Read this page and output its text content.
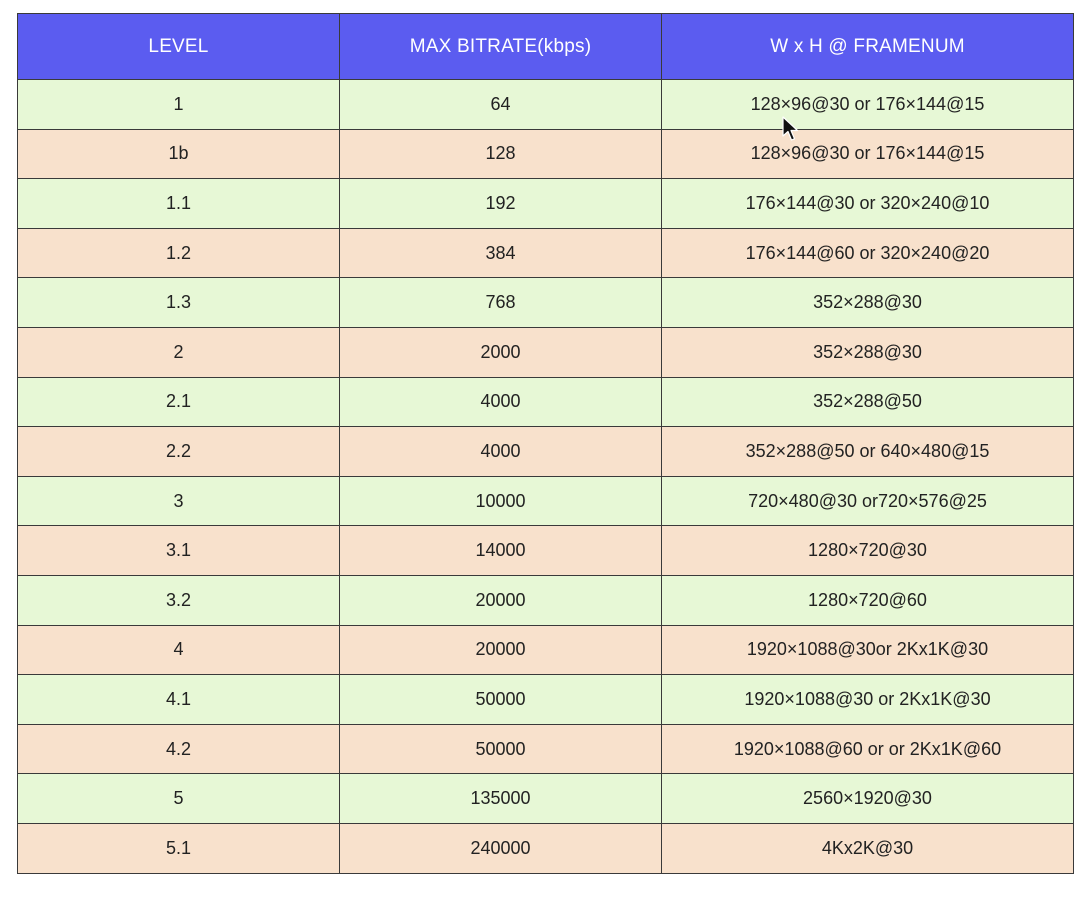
LEVEL	MAX BITRATE(kbps)	W x H @ FRAMENUM
1	64	128×96@30 or 176×144@15
1b	128	128×96@30 or 176×144@15
1.1	192	176×144@30 or 320×240@10
1.2	384	176×144@60 or 320×240@20
1.3	768	352×288@30
2	2000	352×288@30
2.1	4000	352×288@50
2.2	4000	352×288@50 or 640×480@15
3	10000	720×480@30 or720×576@25
3.1	14000	1280×720@30
3.2	20000	1280×720@60
4	20000	1920×1088@30or 2Kx1K@30
4.1	50000	1920×1088@30 or 2Kx1K@30
4.2	50000	1920×1088@60 or or 2Kx1K@60
5	135000	2560×1920@30
5.1	240000	4Kx2K@30
